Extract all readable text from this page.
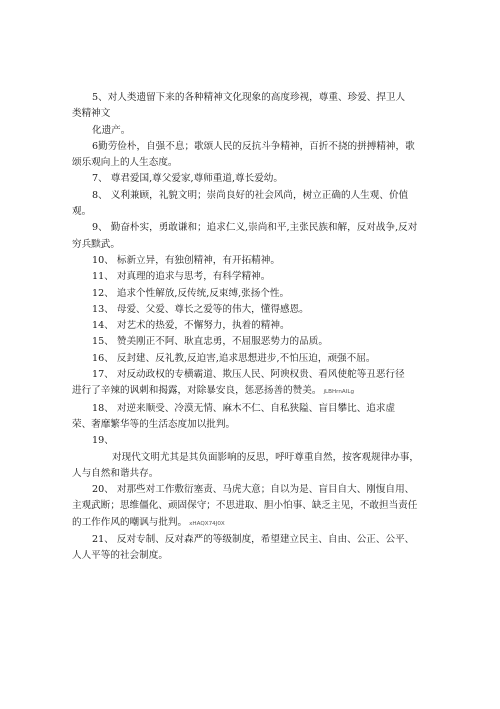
5、对人类遗留下来的各种精神文化现象的高度珍视，尊重、珍爱、捍卫人
类精神文
化遗产。
6勤劳俭朴，自强不息；歌颂人民的反抗斗争精神，百折不挠的拼搏精神，歌
颂乐观向上的人生态度。
7、 尊君爱国,尊父爱家,尊师重道,尊长爱幼。
8、 义利兼顾，礼貌文明；崇尚良好的社会风尚，树立正确的人生观、价值
观。
9、 勤奋朴实，勇敢谦和；追求仁义,崇尚和平,主张民族和解，反对战争,反对
穷兵黩武。
10、 标新立异，有独创精神，有开拓精神。
11、 对真理的追求与思考，有科学精神。
12、 追求个性解放,反传统,反束缚,张扬个性。
13、 母爱、父爱、尊长之爱等的伟大，懂得感恩。
14、 对艺术的热爱，不懈努力，执着的精神。
15、 赞美刚正不阿、耿直忠勇，不屈服恶势力的品质。
16、 反封建、反礼教,反迫害,追求思想进步,不怕压迫，顽强不屈。
17、 对反动政权的专横霸道、欺压人民、阿谀权贵、看风使舵等丑恶行径
进行了辛辣的讽刺和揭露，对除暴安良，惩恶扬善的赞美。 jLBHrnAILg
18、 对逆来顺受、冷漠无情、麻木不仁、自私狭隘、盲目攀比、追求虚
荣、奢靡繁华等的生活态度加以批判。
19、
对现代文明尤其是其负面影响的反思，呼吁尊重自然，按客观规律办事，
人与自然和谐共存。
20、 对那些对工作敷衍塞责、马虎大意；自以为是、盲目自大、刚愎自用、
主观武断；思维僵化、顽固保守；不思进取、胆小怕事、缺乏主见，不敢担当责任
的工作作风的嘲讽与批判。 xHAQX74J0X
21、 反对专制、反对森严的等级制度，希望建立民主、自由、公正、公平、
人人平等的社会制度。
